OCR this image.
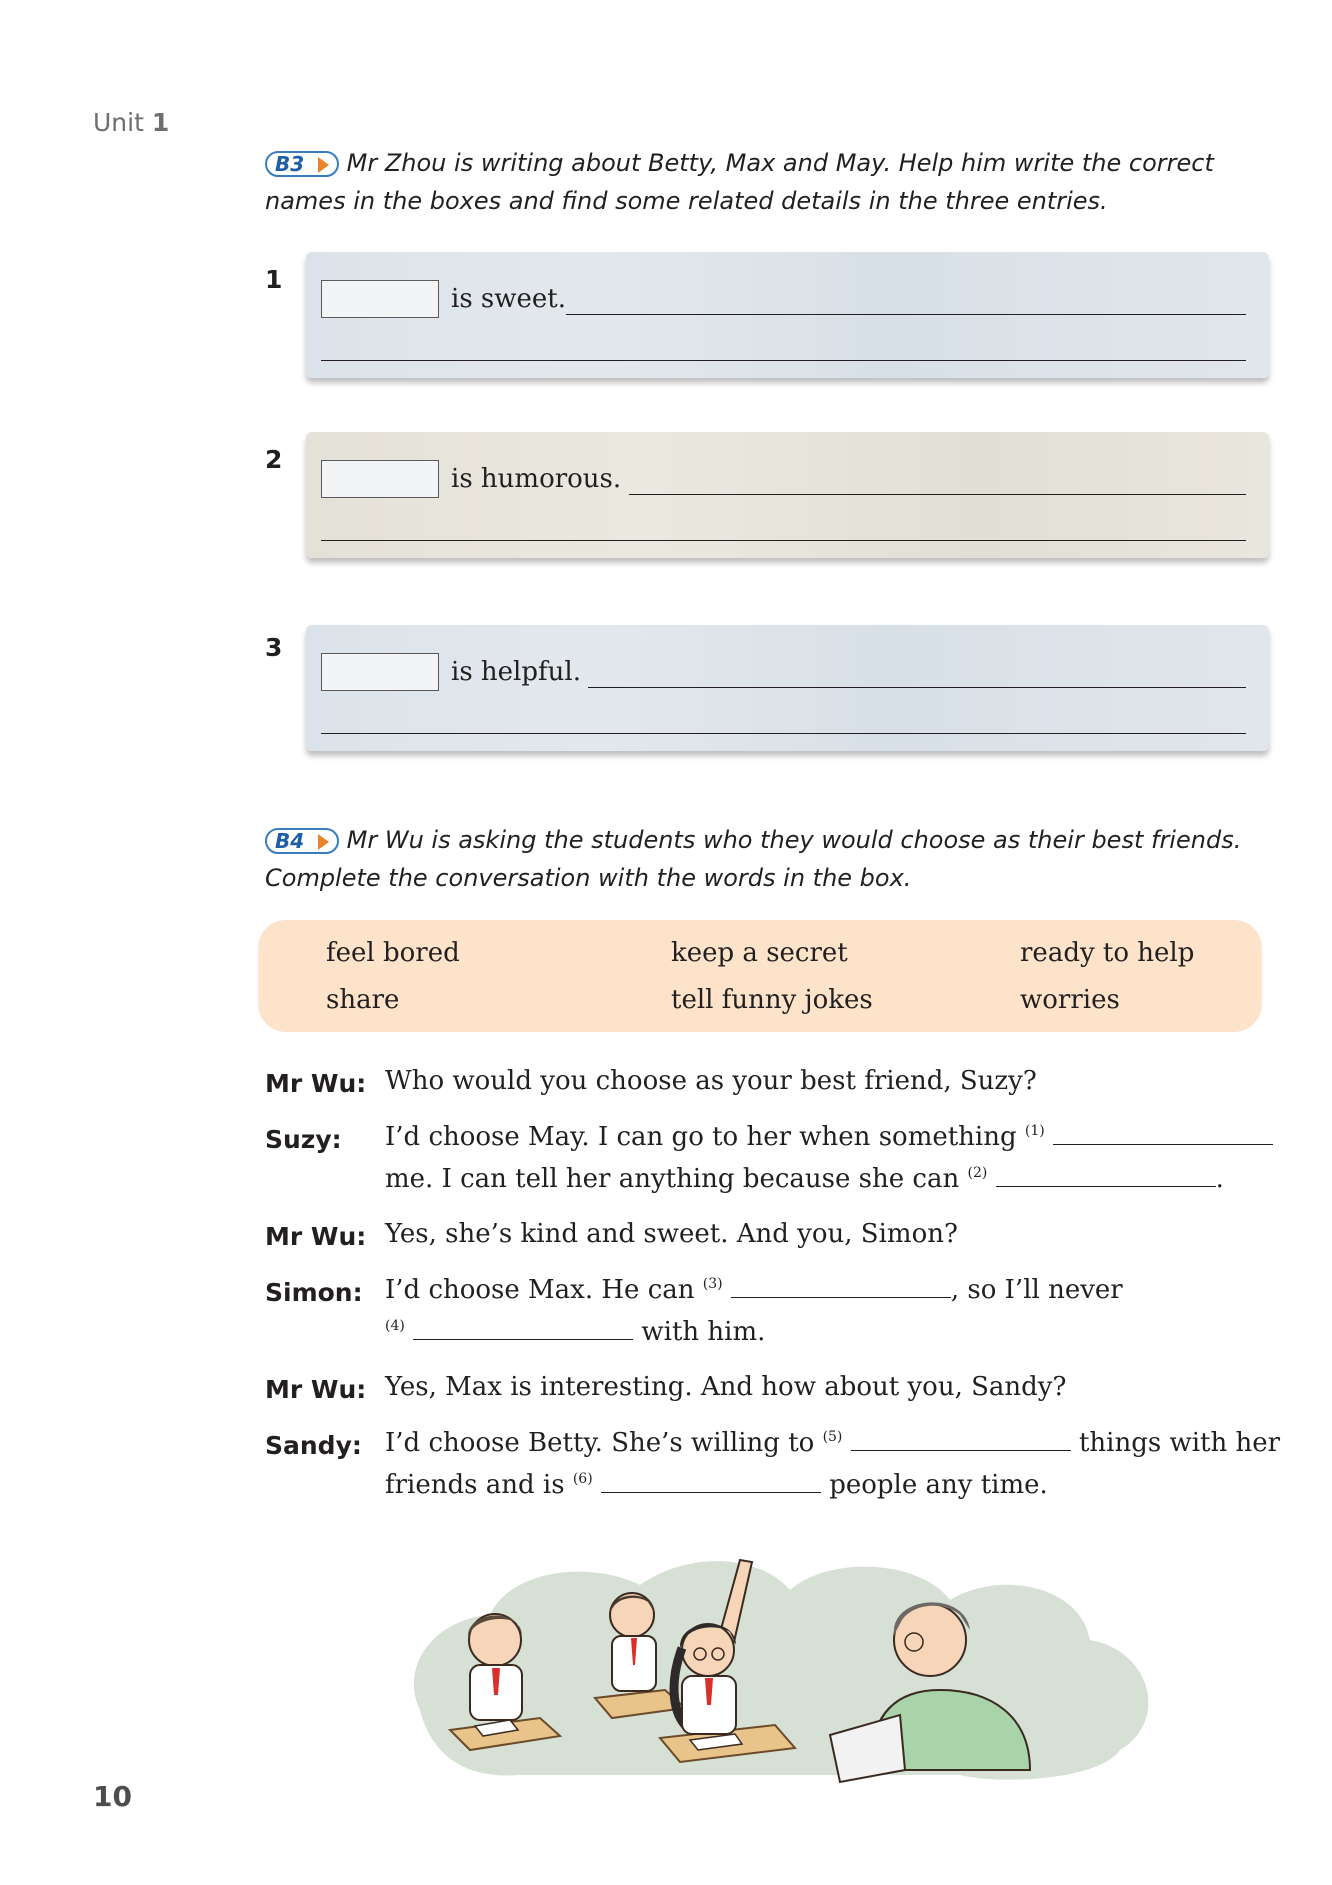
Unit 1
B3 Mr Zhou is writing about Betty, Max and May. Help him write the correct names in the boxes and find some related details in the three entries.
1
is sweet.
2
is humorous.
3
is helpful.
B4 Mr Wu is asking the students who they would choose as their best friends. Complete the conversation with the words in the box.
feel bored	keep a secret	ready to help
share	tell funny jokes	worries
Mr Wu: Who would you choose as your best friend, Suzy?
Suzy: I’d choose May. I can go to her when something $^{(1)}$
me. I can tell her anything because she can $^{(2)}$	.
Mr Wu: Yes, she’s kind and sweet. And you, Simon?
Simon: I’d choose Max. He can $^{(3)}$	, so I’ll never
$^{(4)}$	with him.
Mr Wu: Yes, Max is interesting. And how about you, Sandy?
Sandy: I’d choose Betty. She’s willing to $^{(5)}$	things with her
friends and is $^{(6)}$	people any time.
10
